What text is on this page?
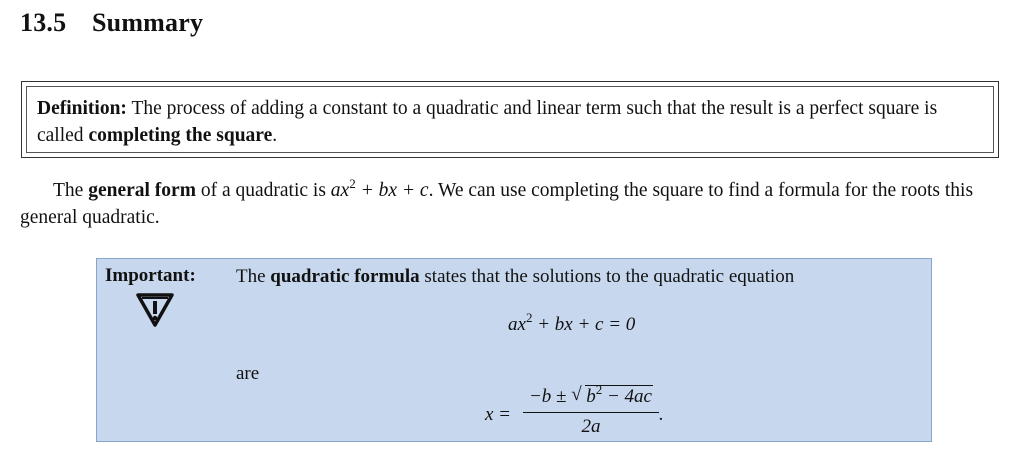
13.5 Summary
Definition: The process of adding a constant to a quadratic and linear term such that the result is a perfect square is called completing the square.
The general form of a quadratic is $ax^2$ + bx + c. We can use completing the square to find a formula for the roots this general quadratic.
Important: The quadratic formula states that the solutions to the quadratic equation
$ax^2$ + bx + c = 0
are
x =
−b ± √ $b^2 - 4ac$
2a
.
